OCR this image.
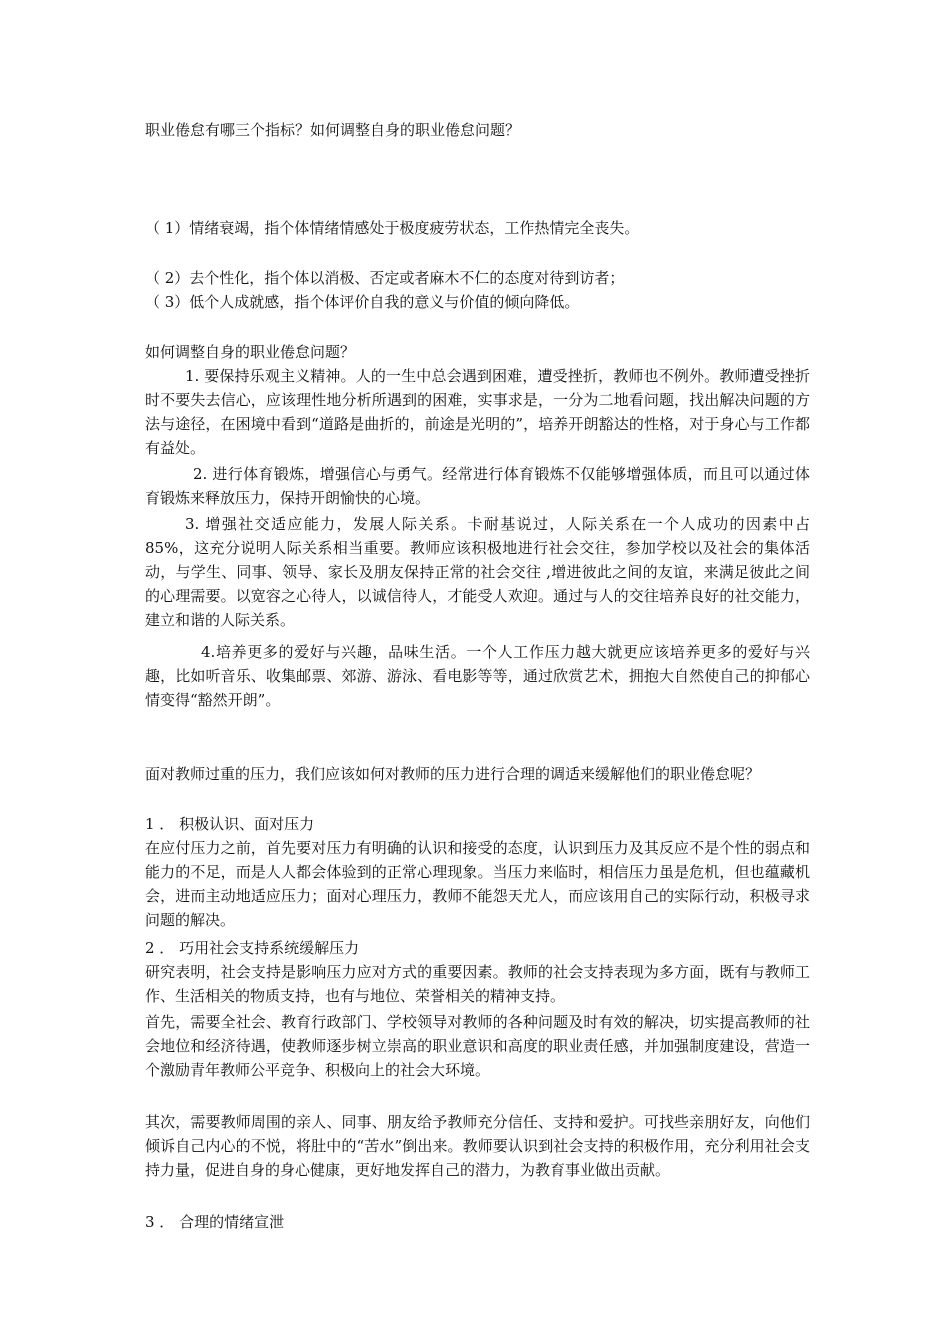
职业倦怠有哪三个指标？如何调整自身的职业倦怠问题？
（ 1）情绪衰竭，指个体情绪情感处于极度疲劳状态，工作热情完全丧失。
（ 2）去个性化，指个体以消极、否定或者麻木不仁的态度对待到访者；
（ 3）低个人成就感，指个体评价自我的意义与价值的倾向降低。
如何调整自身的职业倦怠问题？
1. 要保持乐观主义精神。人的一生中总会遇到困难，遭受挫折，教师也不例外。教师遭受挫折时不要失去信心，应该理性地分析所遇到的困难，实事求是，一分为二地看问题，找出解决问题的方法与途径，在困境中看到“道路是曲折的，前途是光明的”，培养开朗豁达的性格，对于身心与工作都有益处。
2. 进行体育锻炼，增强信心与勇气。经常进行体育锻炼不仅能够增强体质，而且可以通过体育锻炼来释放压力，保持开朗愉快的心境。
3. 增强社交适应能力，发展人际关系。卡耐基说过，人际关系在一个人成功的因素中占 85%，这充分说明人际关系相当重要。教师应该积极地进行社会交往，参加学校以及社会的集体活动，与学生、同事、领导、家长及朋友保持正常的社会交往 ,增进彼此之间的友谊，来满足彼此之间的心理需要。以宽容之心待人，以诚信待人，才能受人欢迎。通过与人的交往培养良好的社交能力，建立和谐的人际关系。
4.培养更多的爱好与兴趣，品味生活。一个人工作压力越大就更应该培养更多的爱好与兴趣，比如听音乐、收集邮票、郊游、游泳、看电影等等，通过欣赏艺术，拥抱大自然使自己的抑郁心情变得“豁然开朗”。
面对教师过重的压力，我们应该如何对教师的压力进行合理的调适来缓解他们的职业倦怠呢？
1 ． 积极认识、面对压力
在应付压力之前，首先要对压力有明确的认识和接受的态度，认识到压力及其反应不是个性的弱点和能力的不足，而是人人都会体验到的正常心理现象。当压力来临时，相信压力虽是危机，但也蕴藏机会，进而主动地适应压力；面对心理压力，教师不能怨天尤人，而应该用自己的实际行动，积极寻求问题的解决。
2 ． 巧用社会支持系统缓解压力
研究表明，社会支持是影响压力应对方式的重要因素。教师的社会支持表现为多方面，既有与教师工作、生活相关的物质支持，也有与地位、荣誉相关的精神支持。
首先，需要全社会、教育行政部门、学校领导对教师的各种问题及时有效的解决，切实提高教师的社会地位和经济待遇，使教师逐步树立崇高的职业意识和高度的职业责任感，并加强制度建设，营造一个激励青年教师公平竞争、积极向上的社会大环境。
其次，需要教师周围的亲人、同事、朋友给予教师充分信任、支持和爱护。可找些亲朋好友，向他们倾诉自己内心的不悦，将肚中的“苦水”倒出来。教师要认识到社会支持的积极作用，充分利用社会支持力量，促进自身的身心健康，更好地发挥自己的潜力，为教育事业做出贡献。
3 ． 合理的情绪宣泄
